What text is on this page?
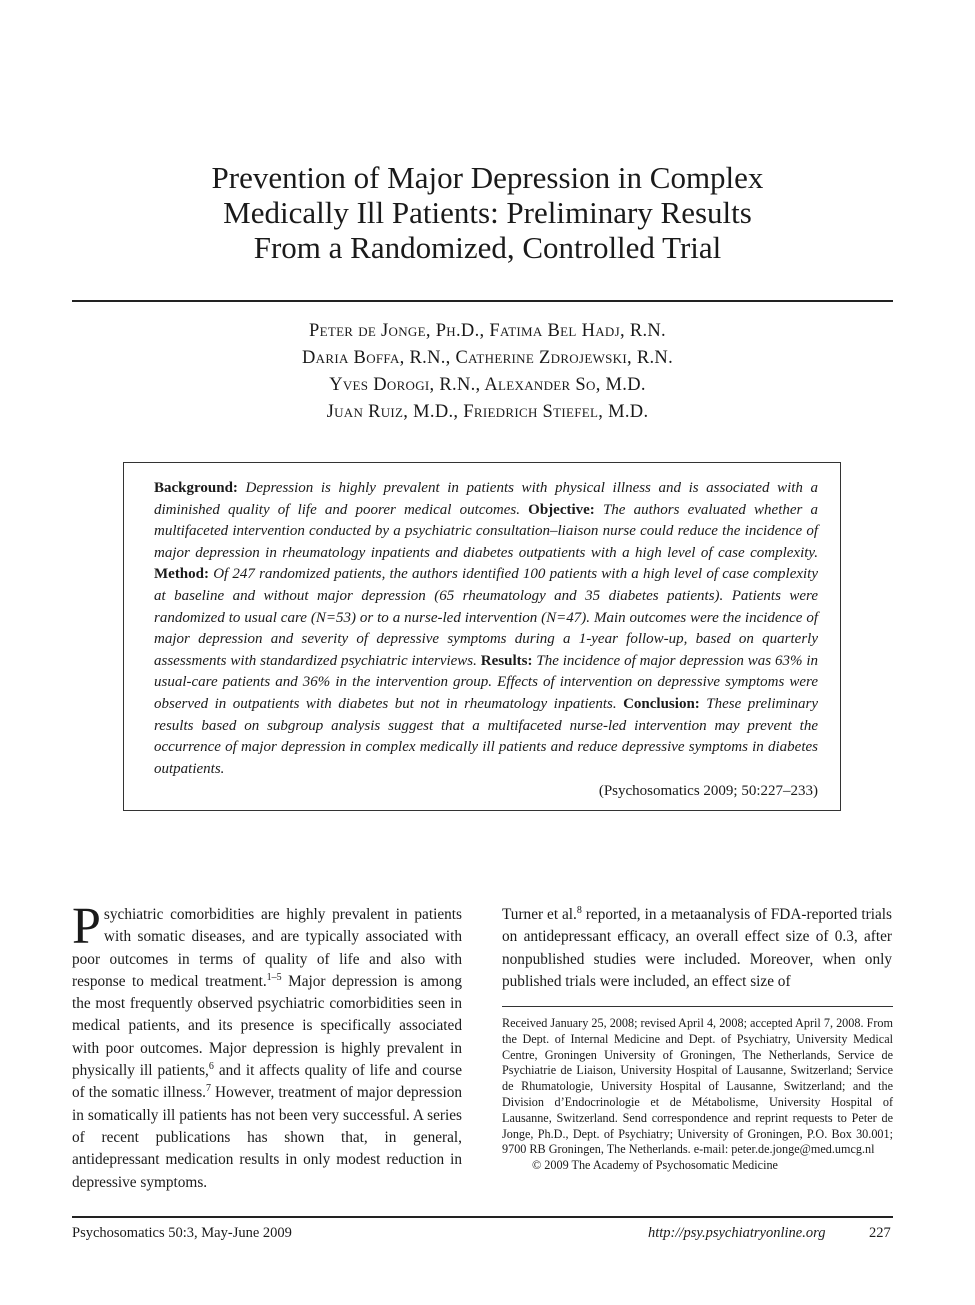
Prevention of Major Depression in Complex
Medically Ill Patients: Preliminary Results
From a Randomized, Controlled Trial
Peter de Jonge, Ph.D., Fatima Bel Hadj, R.N.
Daria Boffa, R.N., Catherine Zdrojewski, R.N.
Yves Dorogi, R.N., Alexander So, M.D.
Juan Ruiz, M.D., Friedrich Stiefel, M.D.

Background: Depression is highly prevalent in patients with physical illness and is associated with a diminished quality of life and poorer medical outcomes. Objective: The authors evaluated whether a multifaceted intervention conducted by a psychiatric consultation–liaison nurse could reduce the incidence of major depression in rheumatology inpatients and diabetes outpatients with a high level of case complexity. Method: Of 247 randomized patients, the authors identified 100 patients with a high level of case complexity at baseline and without major depression (65 rheumatology and 35 diabetes patients). Patients were randomized to usual care (N=53) or to a nurse-led intervention (N=47). Main outcomes were the incidence of major depression and severity of depressive symptoms during a 1-year follow-up, based on quarterly assessments with standardized psychiatric interviews. Results: The incidence of major depression was 63% in usual-care patients and 36% in the intervention group. Effects of intervention on depressive symptoms were observed in outpatients with diabetes but not in rheumatology inpatients. Conclusion: These preliminary results based on subgroup analysis suggest that a multifaceted nurse-led intervention may prevent the occurrence of major depression in complex medically ill patients and reduce depressive symptoms in diabetes outpatients.

(Psychosomatics 2009; 50:227–233)

Psychiatric comorbidities are highly prevalent in patients with somatic diseases, and are typically associated with poor outcomes in terms of quality of life and also with response to medical treatment.$^{1-5}$ Major depression is among the most frequently observed psychiatric comorbidities seen in medical patients, and its presence is specifically associated with poor outcomes. Major depression is highly prevalent in physically ill patients,$^6$ and it affects quality of life and course of the somatic illness.$^7$ However, treatment of major depression in somatically ill patients has not been very successful. A series of recent publications has shown that, in general, antidepressant medication results in only modest reduction in depressive symptoms.

Turner et al.$^8$ reported, in a metaanalysis of FDA-reported trials on antidepressant efficacy, an overall effect size of 0.3, after nonpublished studies were included. Moreover, when only published trials were included, an effect size of

Received January 25, 2008; revised April 4, 2008; accepted April 7, 2008. From the Dept. of Internal Medicine and Dept. of Psychiatry, University Medical Centre, Groningen University of Groningen, The Netherlands, Service de Psychiatrie de Liaison, University Hospital of Lausanne, Switzerland; Service de Rhumatologie, University Hospital of Lausanne, Switzerland; and the Division d’Endocrinologie et de Métabolisme, University Hospital of Lausanne, Switzerland. Send correspondence and reprint requests to Peter de Jonge, Ph.D., Dept. of Psychiatry; University of Groningen, P.O. Box 30.001; 9700 RB Groningen, The Netherlands. e-mail: peter.de.jonge@med.umcg.nl

© 2009 The Academy of Psychosomatic Medicine

Psychosomatics 50:3, May-June 2009	http://psy.psychiatryonline.org	227
